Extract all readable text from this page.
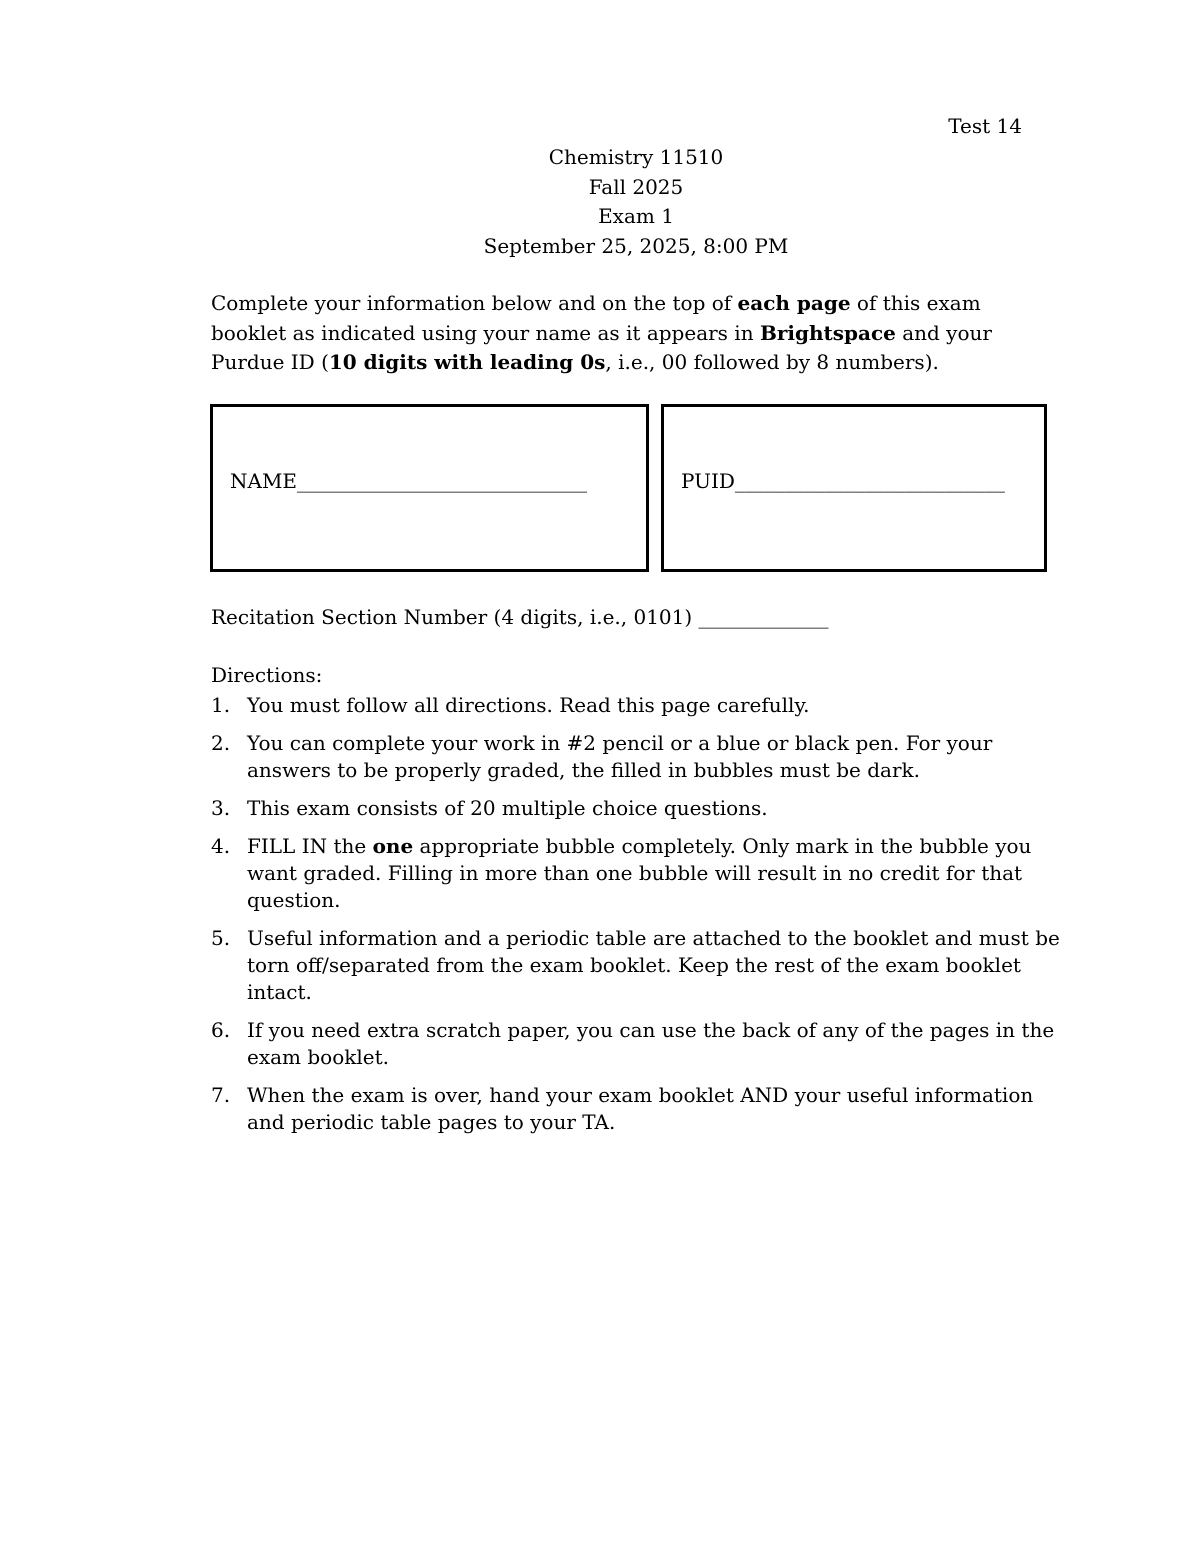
Test 14
Chemistry 11510
Fall 2025
Exam 1
September 25, 2025, 8:00 PM
Complete your information below and on the top of each page of this exam booklet as indicated using your name as it appears in Brightspace and your Purdue ID (10 digits with leading 0s, i.e., 00 followed by 8 numbers).
NAME_____________________________	PUID___________________________
Recitation Section Number (4 digits, i.e., 0101) _____________
Directions:
1. You must follow all directions. Read this page carefully.
2. You can complete your work in #2 pencil or a blue or black pen. For your answers to be properly graded, the filled in bubbles must be dark.
3. This exam consists of 20 multiple choice questions.
4. FILL IN the one appropriate bubble completely. Only mark in the bubble you want graded. Filling in more than one bubble will result in no credit for that question.
5. Useful information and a periodic table are attached to the booklet and must be torn off/separated from the exam booklet. Keep the rest of the exam booklet intact.
6. If you need extra scratch paper, you can use the back of any of the pages in the exam booklet.
7. When the exam is over, hand your exam booklet AND your useful information and periodic table pages to your TA.
